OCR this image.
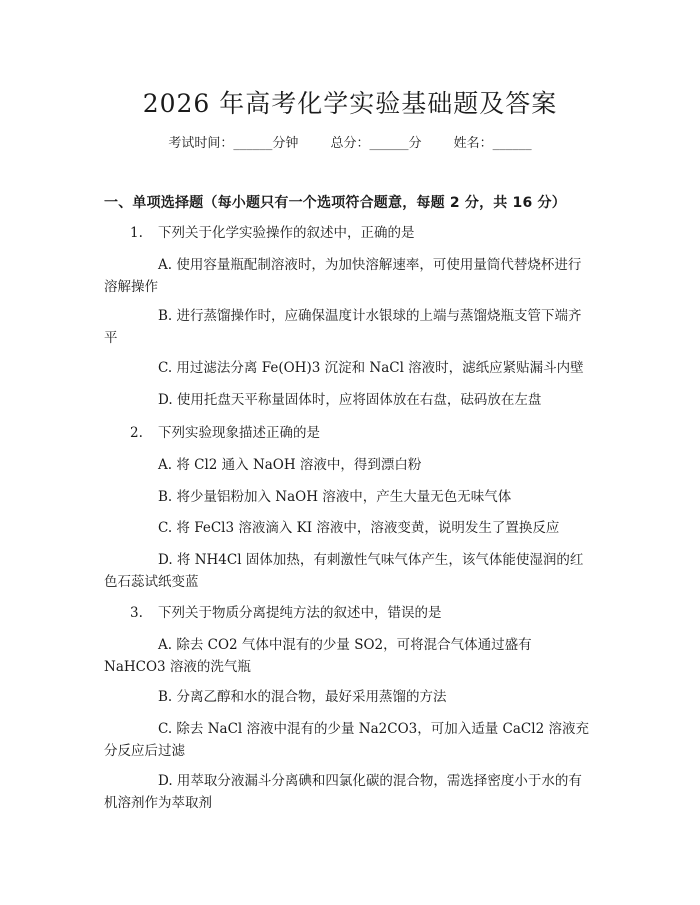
2026 年高考化学实验基础题及答案
考试时间：______分钟 总分：______分 姓名：______
一、单项选择题（每小题只有一个选项符合题意，每题 2 分，共 16 分）
1. 下列关于化学实验操作的叙述中，正确的是
A. 使用容量瓶配制溶液时，为加快溶解速率，可使用量筒代替烧杯进行溶解操作
B. 进行蒸馏操作时，应确保温度计水银球的上端与蒸馏烧瓶支管下端齐平
C. 用过滤法分离 Fe(OH)3 沉淀和 NaCl 溶液时，滤纸应紧贴漏斗内壁
D. 使用托盘天平称量固体时，应将固体放在右盘，砝码放在左盘
2. 下列实验现象描述正确的是
A. 将 Cl2 通入 NaOH 溶液中，得到漂白粉
B. 将少量铝粉加入 NaOH 溶液中，产生大量无色无味气体
C. 将 FeCl3 溶液滴入 KI 溶液中，溶液变黄，说明发生了置换反应
D. 将 NH4Cl 固体加热，有刺激性气味气体产生，该气体能使湿润的红色石蕊试纸变蓝
3. 下列关于物质分离提纯方法的叙述中，错误的是
A. 除去 CO2 气体中混有的少量 SO2，可将混合气体通过盛有 NaHCO3 溶液的洗气瓶
B. 分离乙醇和水的混合物，最好采用蒸馏的方法
C. 除去 NaCl 溶液中混有的少量 Na2CO3，可加入适量 CaCl2 溶液充分反应后过滤
D. 用萃取分液漏斗分离碘和四氯化碳的混合物，需选择密度小于水的有机溶剂作为萃取剂
